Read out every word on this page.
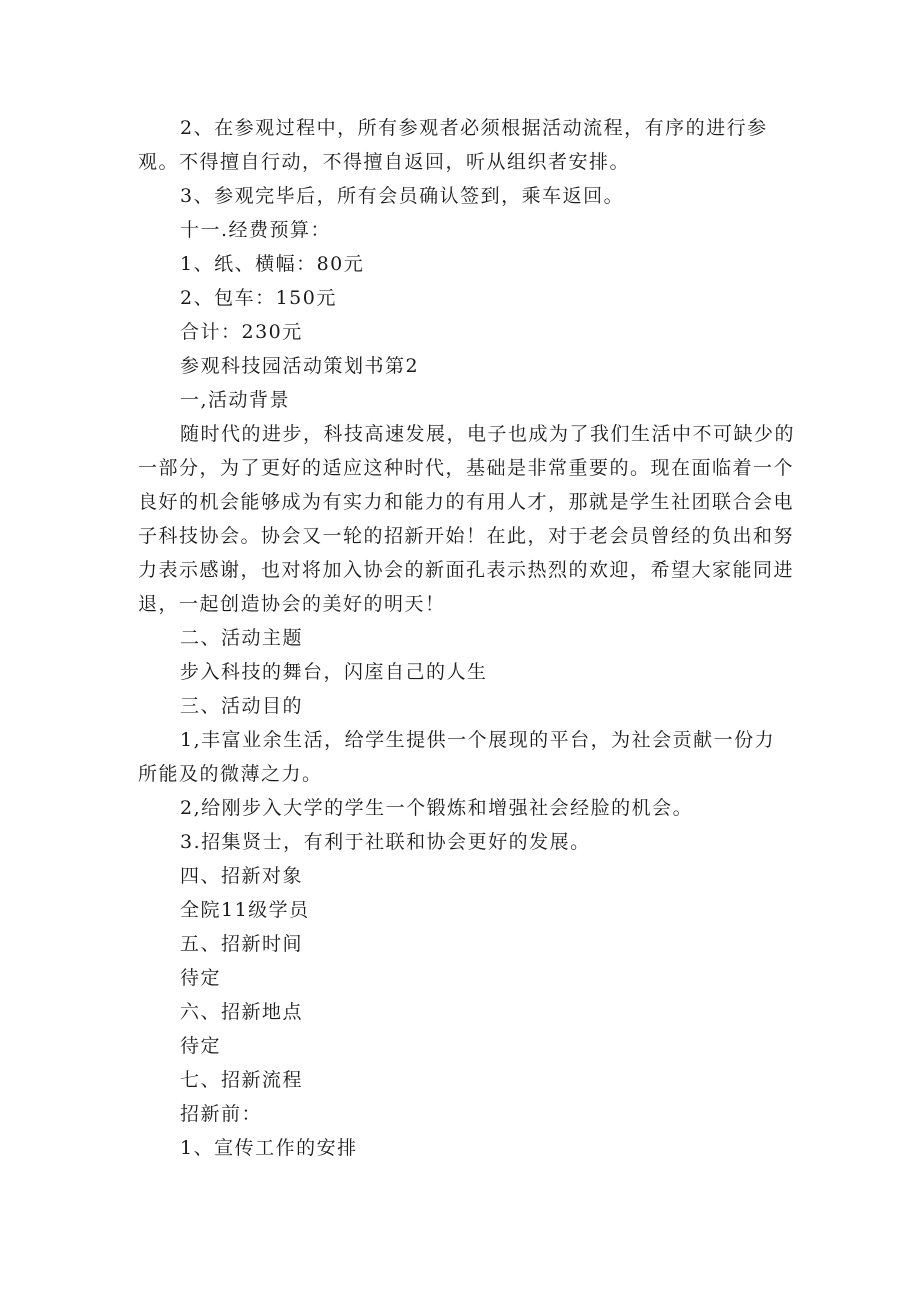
2、在参观过程中，所有参观者必须根据活动流程，有序的进行参
观。不得擅自行动，不得擅自返回，听从组织者安排。
3、参观完毕后，所有会员确认签到，乘车返回。
十一.经费预算：
1、纸、横幅：80元
2、包车：150元
合计：230元
参观科技园活动策划书第2
一,活动背景
随时代的进步，科技高速发展，电子也成为了我们生活中不可缺少的
一部分，为了更好的适应这种时代，基础是非常重要的。现在面临着一个
良好的机会能够成为有实力和能力的有用人才，那就是学生社团联合会电
子科技协会。协会又一轮的招新开始！在此，对于老会员曾经的负出和努
力表示感谢，也对将加入协会的新面孔表示热烈的欢迎，希望大家能同进
退，一起创造协会的美好的明天！
二、活动主题
步入科技的舞台，闪庢自己的人生
三、活动目的
1,丰富业余生活，给学生提供一个展现的平台，为社会贡献一份力
所能及的微薄之力。
2,给刚步入大学的学生一个锻炼和增强社会经脸的机会。
3.招集贤士，有利于社联和协会更好的发展。
四、招新对象
全院11级学员
五、招新时间
待定
六、招新地点
待定
七、招新流程
招新前：
1、宣传工作的安排
